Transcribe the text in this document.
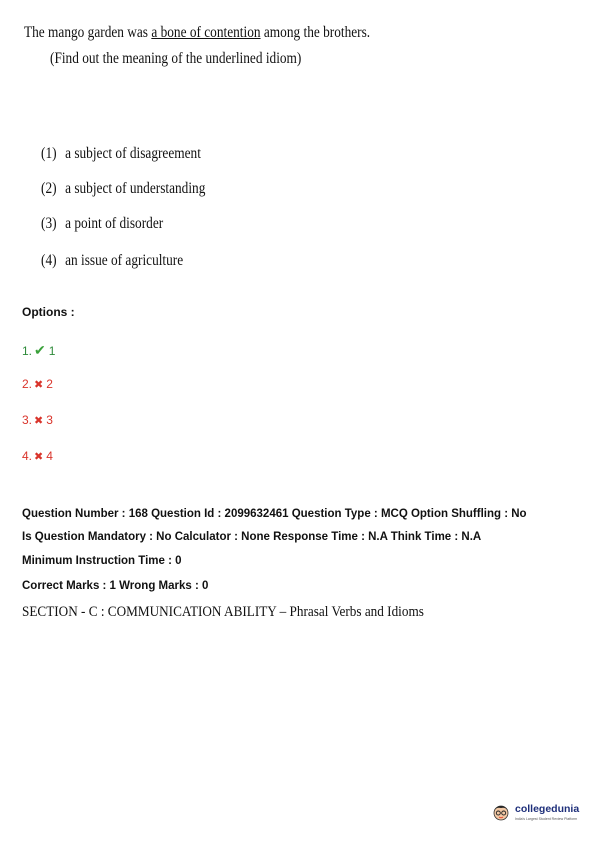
The mango garden was a bone of contention among the brothers.
(Find out the meaning of the underlined idiom)
(1) a subject of disagreement
(2) a subject of understanding
(3) a point of disorder
(4) an issue of agriculture
Options :
1. ✔ 1
2. ✖ 2
3. ✖ 3
4. ✖ 4
Question Number : 168 Question Id : 2099632461 Question Type : MCQ Option Shuffling : No
Is Question Mandatory : No Calculator : None Response Time : N.A Think Time : N.A
Minimum Instruction Time : 0
Correct Marks : 1 Wrong Marks : 0
SECTION - C : COMMUNICATION ABILITY – Phrasal Verbs and Idioms
collegedunia
India's Largest Student Review Platform
